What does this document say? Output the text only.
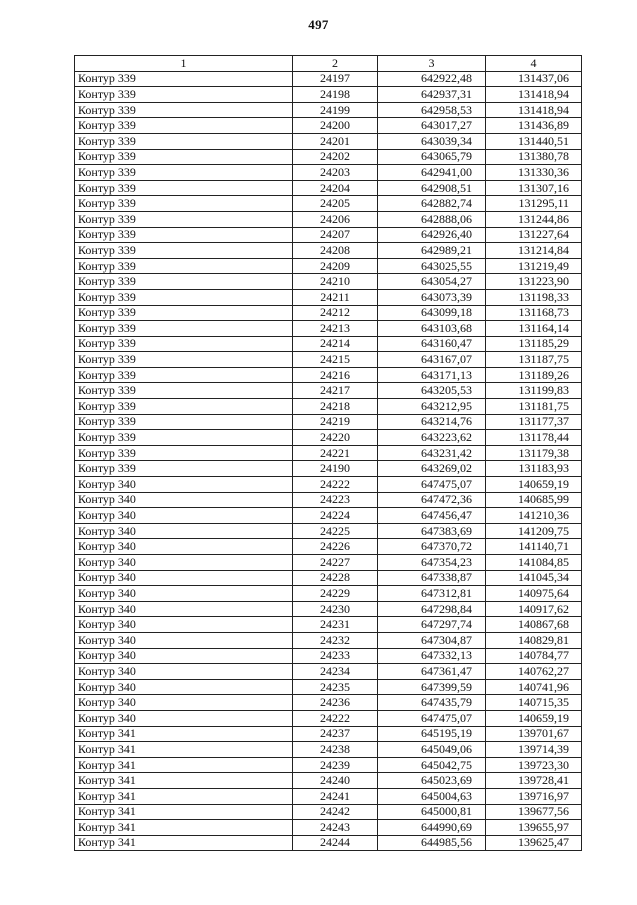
497
1	2	3	4
Контур 339	24197	642922,48	131437,06
Контур 339	24198	642937,31	131418,94
Контур 339	24199	642958,53	131418,94
Контур 339	24200	643017,27	131436,89
Контур 339	24201	643039,34	131440,51
Контур 339	24202	643065,79	131380,78
Контур 339	24203	642941,00	131330,36
Контур 339	24204	642908,51	131307,16
Контур 339	24205	642882,74	131295,11
Контур 339	24206	642888,06	131244,86
Контур 339	24207	642926,40	131227,64
Контур 339	24208	642989,21	131214,84
Контур 339	24209	643025,55	131219,49
Контур 339	24210	643054,27	131223,90
Контур 339	24211	643073,39	131198,33
Контур 339	24212	643099,18	131168,73
Контур 339	24213	643103,68	131164,14
Контур 339	24214	643160,47	131185,29
Контур 339	24215	643167,07	131187,75
Контур 339	24216	643171,13	131189,26
Контур 339	24217	643205,53	131199,83
Контур 339	24218	643212,95	131181,75
Контур 339	24219	643214,76	131177,37
Контур 339	24220	643223,62	131178,44
Контур 339	24221	643231,42	131179,38
Контур 339	24190	643269,02	131183,93
Контур 340	24222	647475,07	140659,19
Контур 340	24223	647472,36	140685,99
Контур 340	24224	647456,47	141210,36
Контур 340	24225	647383,69	141209,75
Контур 340	24226	647370,72	141140,71
Контур 340	24227	647354,23	141084,85
Контур 340	24228	647338,87	141045,34
Контур 340	24229	647312,81	140975,64
Контур 340	24230	647298,84	140917,62
Контур 340	24231	647297,74	140867,68
Контур 340	24232	647304,87	140829,81
Контур 340	24233	647332,13	140784,77
Контур 340	24234	647361,47	140762,27
Контур 340	24235	647399,59	140741,96
Контур 340	24236	647435,79	140715,35
Контур 340	24222	647475,07	140659,19
Контур 341	24237	645195,19	139701,67
Контур 341	24238	645049,06	139714,39
Контур 341	24239	645042,75	139723,30
Контур 341	24240	645023,69	139728,41
Контур 341	24241	645004,63	139716,97
Контур 341	24242	645000,81	139677,56
Контур 341	24243	644990,69	139655,97
Контур 341	24244	644985,56	139625,47
